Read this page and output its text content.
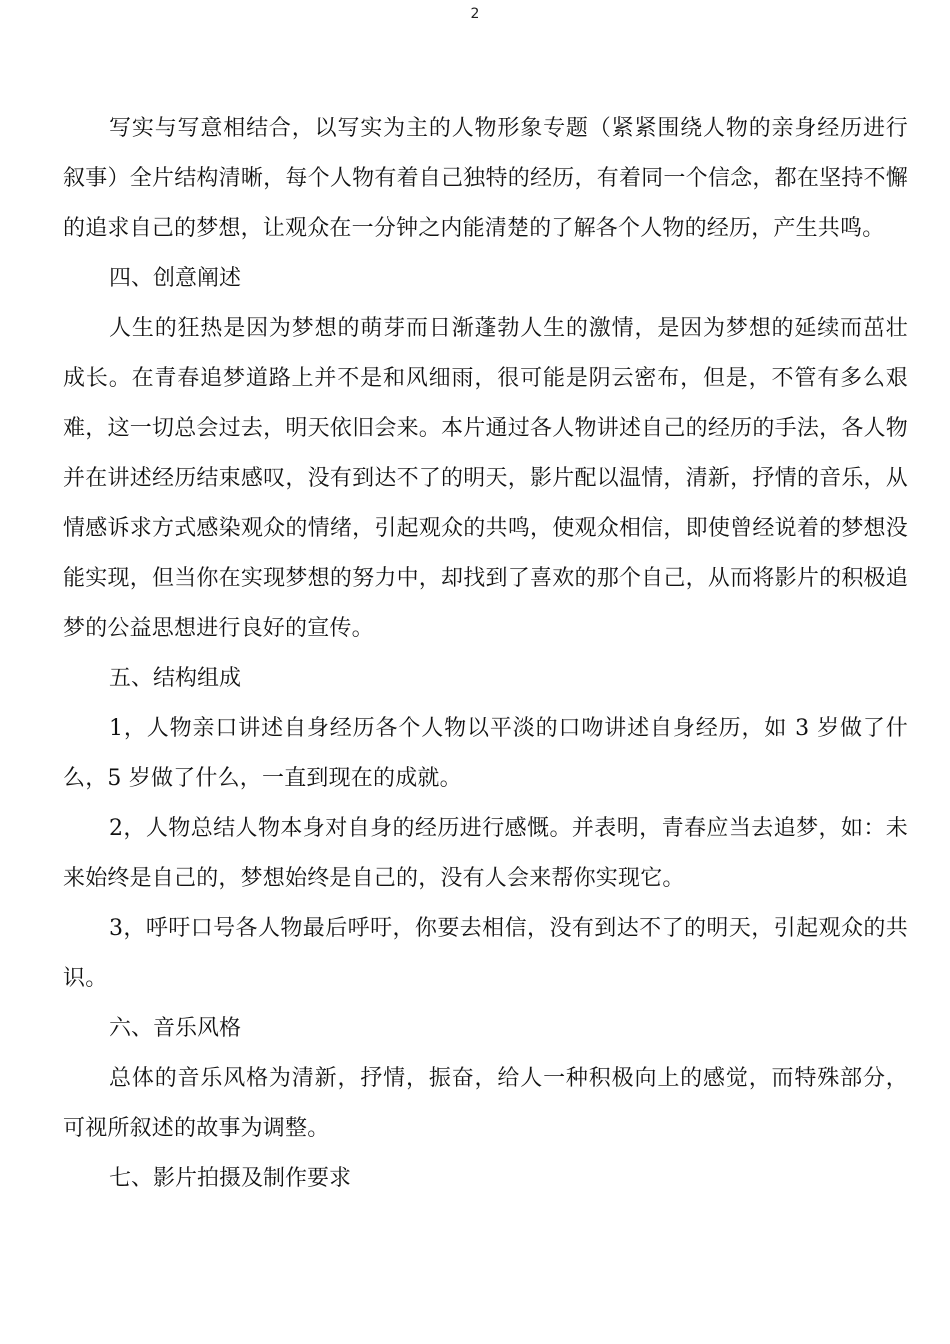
2

写实与写意相结合，以写实为主的人物形象专题（紧紧围绕人物的亲身经历进行叙事）全片结构清晰，每个人物有着自己独特的经历，有着同一个信念，都在坚持不懈的追求自己的梦想，让观众在一分钟之内能清楚的了解各个人物的经历，产生共鸣。

四、创意阐述

人生的狂热是因为梦想的萌芽而日渐蓬勃人生的激情，是因为梦想的延续而茁壮成长。在青春追梦道路上并不是和风细雨，很可能是阴云密布，但是，不管有多么艰难，这一切总会过去，明天依旧会来。本片通过各人物讲述自己的经历的手法，各人物并在讲述经历结束感叹，没有到达不了的明天，影片配以温情，清新，抒情的音乐，从情感诉求方式感染观众的情绪，引起观众的共鸣，使观众相信，即使曾经说着的梦想没能实现，但当你在实现梦想的努力中，却找到了喜欢的那个自己，从而将影片的积极追梦的公益思想进行良好的宣传。

五、结构组成

1，人物亲口讲述自身经历各个人物以平淡的口吻讲述自身经历，如 3 岁做了什么，5 岁做了什么，一直到现在的成就。

2，人物总结人物本身对自身的经历进行感慨。并表明，青春应当去追梦，如：未来始终是自己的，梦想始终是自己的，没有人会来帮你实现它。

3，呼吁口号各人物最后呼吁，你要去相信，没有到达不了的明天，引起观众的共识。

六、音乐风格

总体的音乐风格为清新，抒情，振奋，给人一种积极向上的感觉，而特殊部分，可视所叙述的故事为调整。

七、影片拍摄及制作要求
